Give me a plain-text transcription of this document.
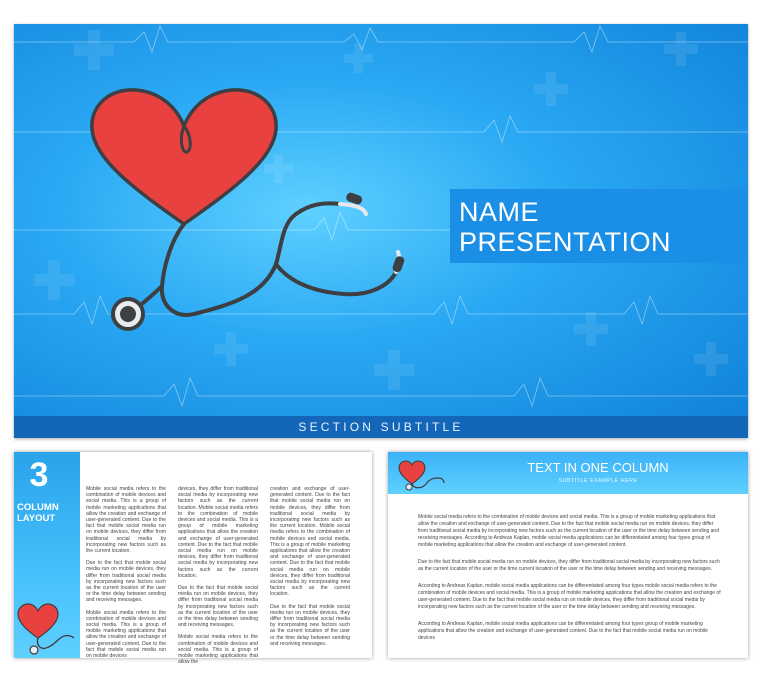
NAME
PRESENTATION
SECTION SUBTITLE
3
COLUMN LAYOUT

Mobile social media refers to the combination of mobile devices and social media. This is a group of mobile marketing applications that allow the creation and exchange of user-generated content. Due to the fact that mobile social media run on mobile devices, they differ from traditional social media by incorporating new factors such as the current location.

Due to the fact that mobile social media run on mobile devices, they differ from traditional social media by incorporating new factors such as the current location of the user or the time delay between sending and receiving messages.

Mobile social media refers to the combination of mobile devices and social media. This is a group of mobile marketing applications that allow the creation and exchange of user-generated content. Due to the fact that mobile social media run on mobile devices

devices, they differ from traditional social media by incorporating new factors such as the current location. Mobile social media refers to the combination of mobile devices and social media. This is a group of mobile marketing applications that allow the creation and exchange of user-generated content. Due to the fact that mobile social media run on mobile devices, they differ from traditional social media by incorporating new factors such as the current location.

Due to the fact that mobile social media run on mobile devices, they differ from traditional social media by incorporating new factors such as the current location of the user or the time delay between sending and receiving messages.

Mobile social media refers to the combination of mobile devices and social media. This is a group of mobile marketing applications that allow the

creation and exchange of user-generated content. Due to the fact that mobile social media run on mobile devices, they differ from traditional social media by incorporating new factors such as the current location. Mobile social media refers to the combination of mobile devices and social media. This is a group of mobile marketing applications that allow the creation and exchange of user-generated content. Due to the fact that mobile social media run on mobile devices, they differ from traditional social media by incorporating new factors such as the current location.

Due to the fact that mobile social media run on mobile devices, they differ from traditional social media by incorporating new factors such as the current location of the user or the time delay between sending and receiving messages.

TEXT IN ONE COLUMN
SUBTITLE EXAMPLE HERE

Mobile social media refers to the combination of mobile devices and social media. This is a group of mobile marketing applications that allow the creation and exchange of user-generated content. Due to the fact that mobile social media run on mobile devices, they differ from traditional social media by incorporating new factors such as the current location of the user or the time delay between sending and receiving messages. According to Andreas Kaplan, mobile social media applications can be differentiated among four types group of mobile marketing applications that allow the creation and exchange of user-generated content.

Due to the fact that mobile social media run on mobile devices, they differ from traditional social media by incorporating new factors such as the current location of the user or the time current location of the user or the time delay between sending and receiving messages.

According to Andreas Kaplan, mobile social media applications can be differentiated among four types mobile social media refers to the combination of mobile devices and social media. This is a group of mobile marketing applications that allow the creation and exchange of user-generated content. Due to the fact that mobile social media run on mobile devices, they differ from traditional social media by incorporating new factors such as the current location of the user or the time delay between sending and receiving messages.

According to Andreas Kaplan, mobile social media applications can be differentiated among four types group of mobile marketing applications that allow the creation and exchange of user-generated content. Due to the fact that mobile social media run on mobile devices
